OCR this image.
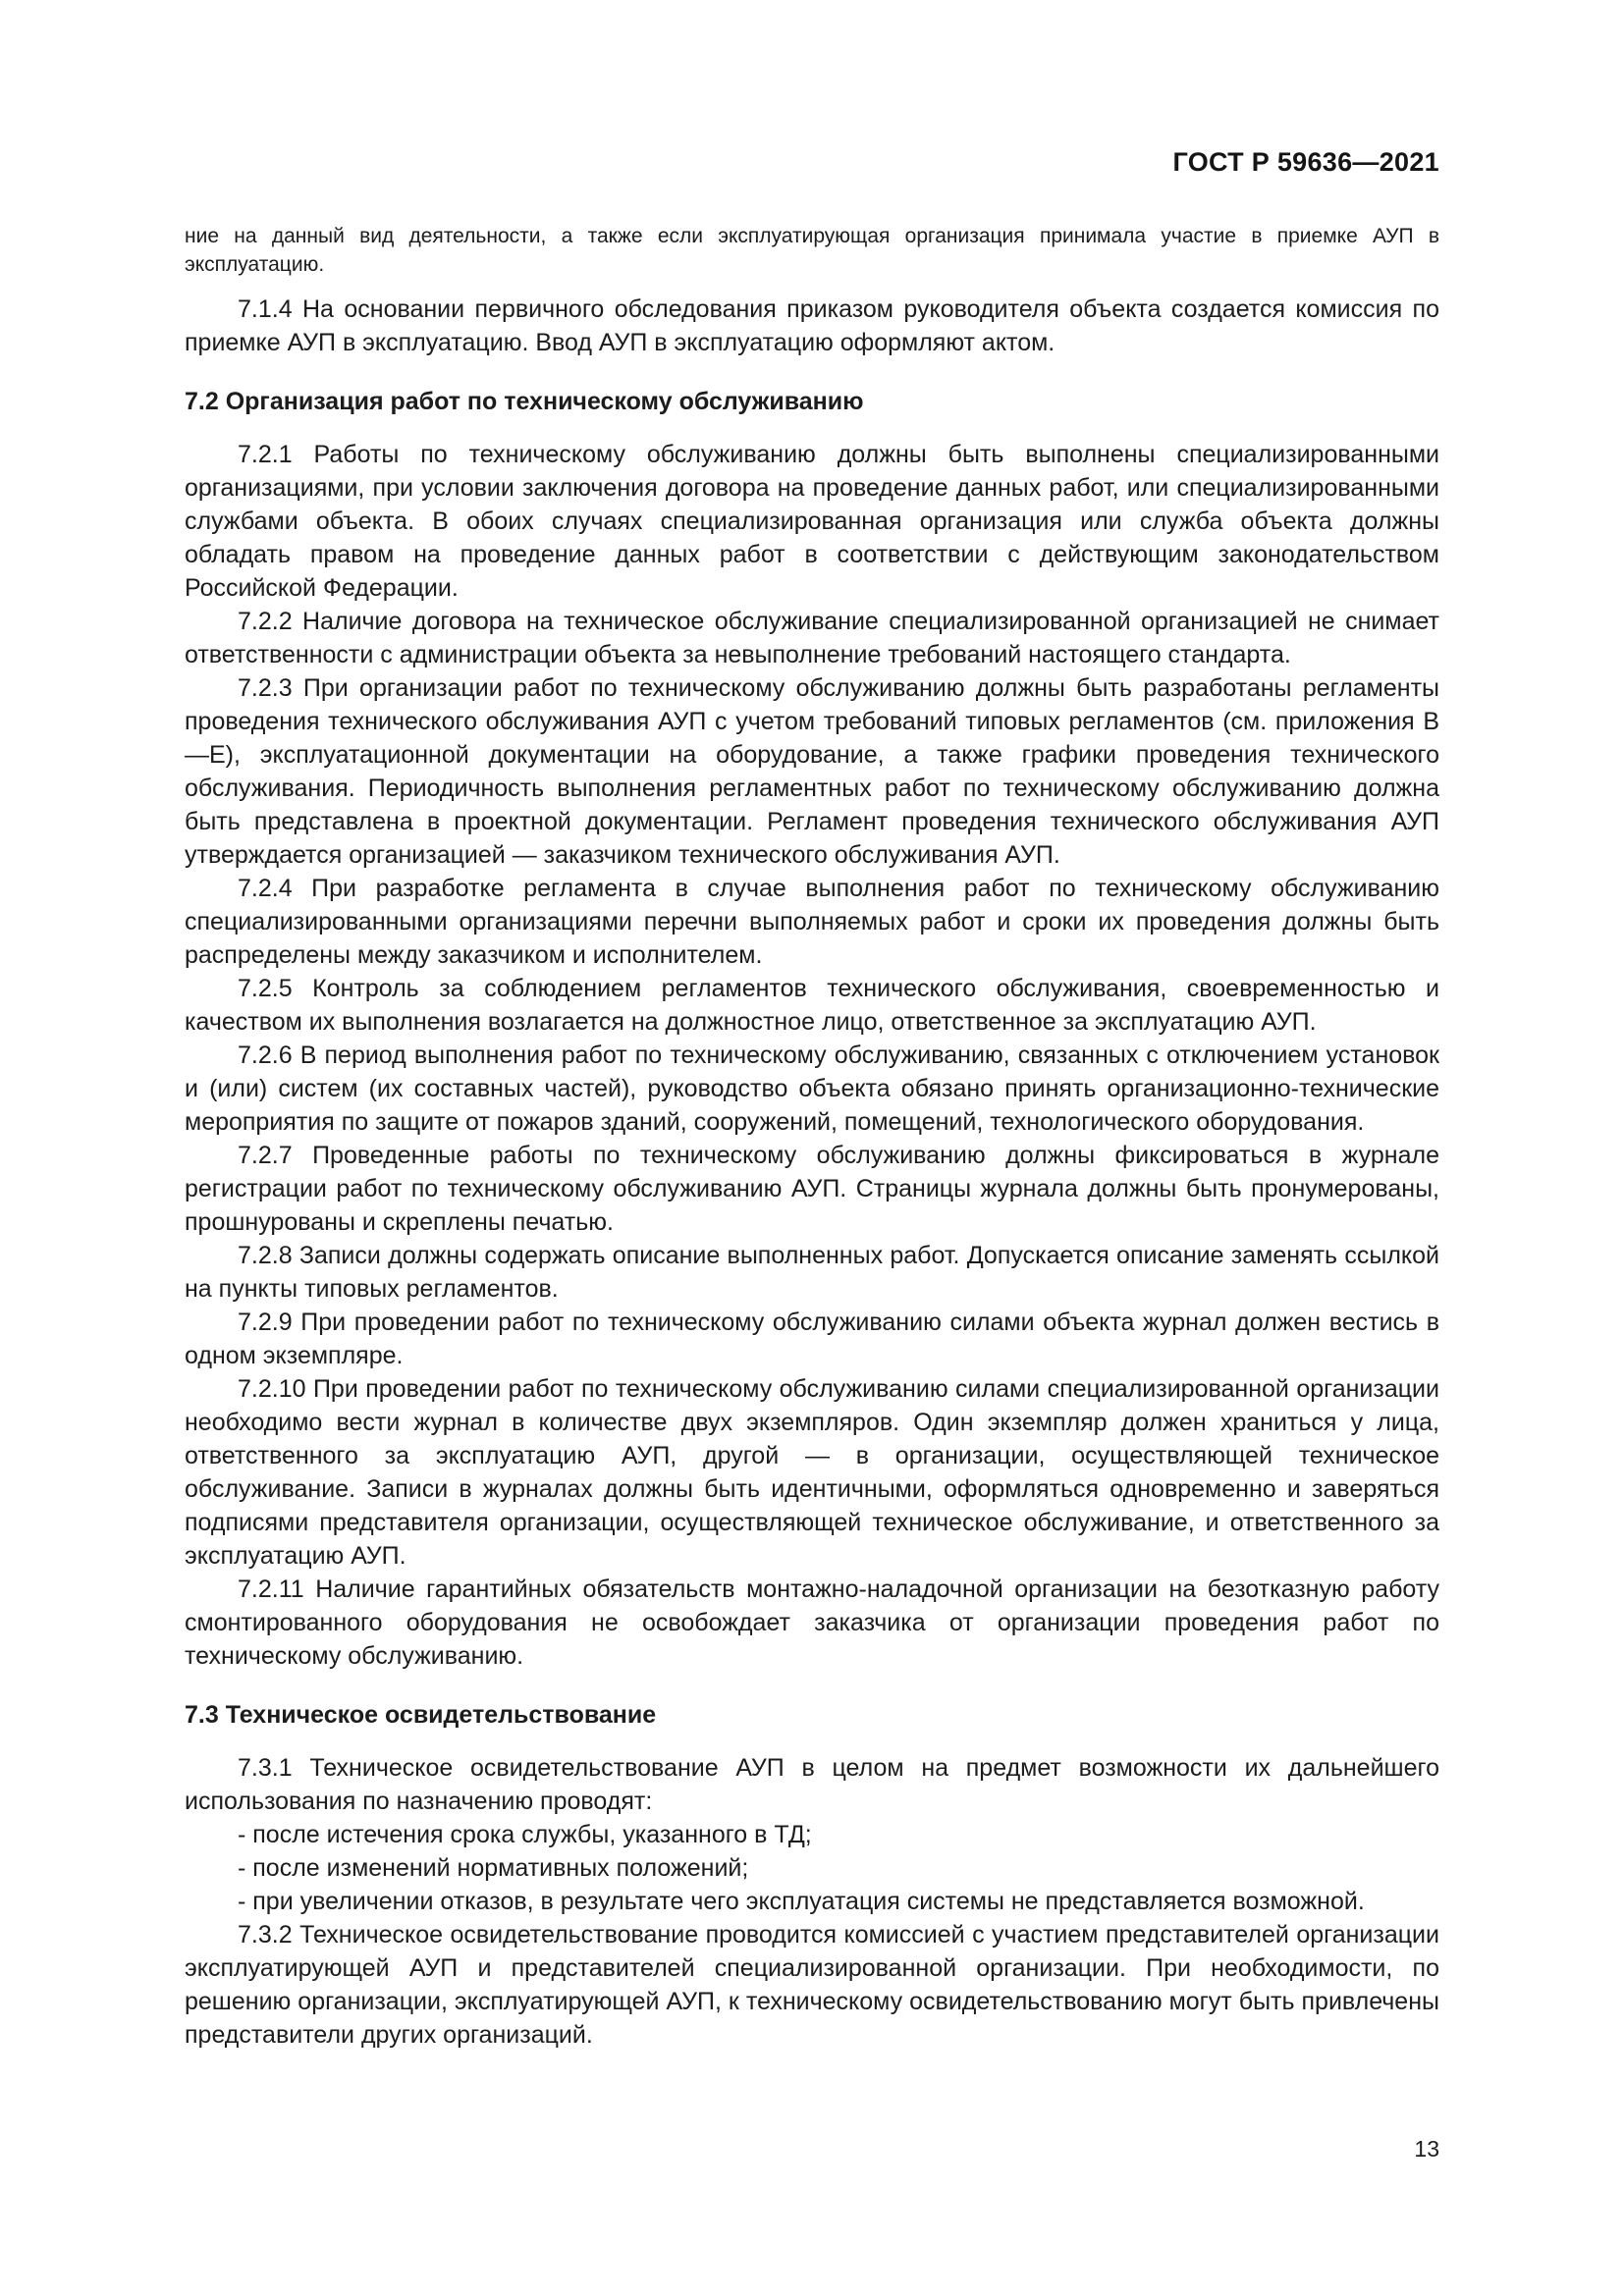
ГОСТ Р 59636—2021

ние на данный вид деятельности, а также если эксплуатирующая организация принимала участие в приемке АУП в эксплуатацию.

7.1.4 На основании первичного обследования приказом руководителя объекта создается комиссия по приемке АУП в эксплуатацию. Ввод АУП в эксплуатацию оформляют актом.

7.2 Организация работ по техническому обслуживанию

7.2.1 Работы по техническому обслуживанию должны быть выполнены специализированными организациями, при условии заключения договора на проведение данных работ, или специализированными службами объекта. В обоих случаях специализированная организация или служба объекта должны обладать правом на проведение данных работ в соответствии с действующим законодательством Российской Федерации.

7.2.2 Наличие договора на техническое обслуживание специализированной организацией не снимает ответственности с администрации объекта за невыполнение требований настоящего стандарта.

7.2.3 При организации работ по техническому обслуживанию должны быть разработаны регламенты проведения технического обслуживания АУП с учетом требований типовых регламентов (см. приложения В—Е), эксплуатационной документации на оборудование, а также графики проведения технического обслуживания. Периодичность выполнения регламентных работ по техническому обслуживанию должна быть представлена в проектной документации. Регламент проведения технического обслуживания АУП утверждается организацией — заказчиком технического обслуживания АУП.

7.2.4 При разработке регламента в случае выполнения работ по техническому обслуживанию специализированными организациями перечни выполняемых работ и сроки их проведения должны быть распределены между заказчиком и исполнителем.

7.2.5 Контроль за соблюдением регламентов технического обслуживания, своевременностью и качеством их выполнения возлагается на должностное лицо, ответственное за эксплуатацию АУП.

7.2.6 В период выполнения работ по техническому обслуживанию, связанных с отключением установок и (или) систем (их составных частей), руководство объекта обязано принять организационно-технические мероприятия по защите от пожаров зданий, сооружений, помещений, технологического оборудования.

7.2.7 Проведенные работы по техническому обслуживанию должны фиксироваться в журнале регистрации работ по техническому обслуживанию АУП. Страницы журнала должны быть пронумерованы, прошнурованы и скреплены печатью.

7.2.8 Записи должны содержать описание выполненных работ. Допускается описание заменять ссылкой на пункты типовых регламентов.

7.2.9 При проведении работ по техническому обслуживанию силами объекта журнал должен вестись в одном экземпляре.

7.2.10 При проведении работ по техническому обслуживанию силами специализированной организации необходимо вести журнал в количестве двух экземпляров. Один экземпляр должен храниться у лица, ответственного за эксплуатацию АУП, другой — в организации, осуществляющей техническое обслуживание. Записи в журналах должны быть идентичными, оформляться одновременно и заверяться подписями представителя организации, осуществляющей техническое обслуживание, и ответственного за эксплуатацию АУП.

7.2.11 Наличие гарантийных обязательств монтажно-наладочной организации на безотказную работу смонтированного оборудования не освобождает заказчика от организации проведения работ по техническому обслуживанию.

7.3 Техническое освидетельствование

7.3.1 Техническое освидетельствование АУП в целом на предмет возможности их дальнейшего использования по назначению проводят:

- после истечения срока службы, указанного в ТД;

- после изменений нормативных положений;

- при увеличении отказов, в результате чего эксплуатация системы не представляется возможной.

7.3.2 Техническое освидетельствование проводится комиссией с участием представителей организации эксплуатирующей АУП и представителей специализированной организации. При необходимости, по решению организации, эксплуатирующей АУП, к техническому освидетельствованию могут быть привлечены представители других организаций.

13
